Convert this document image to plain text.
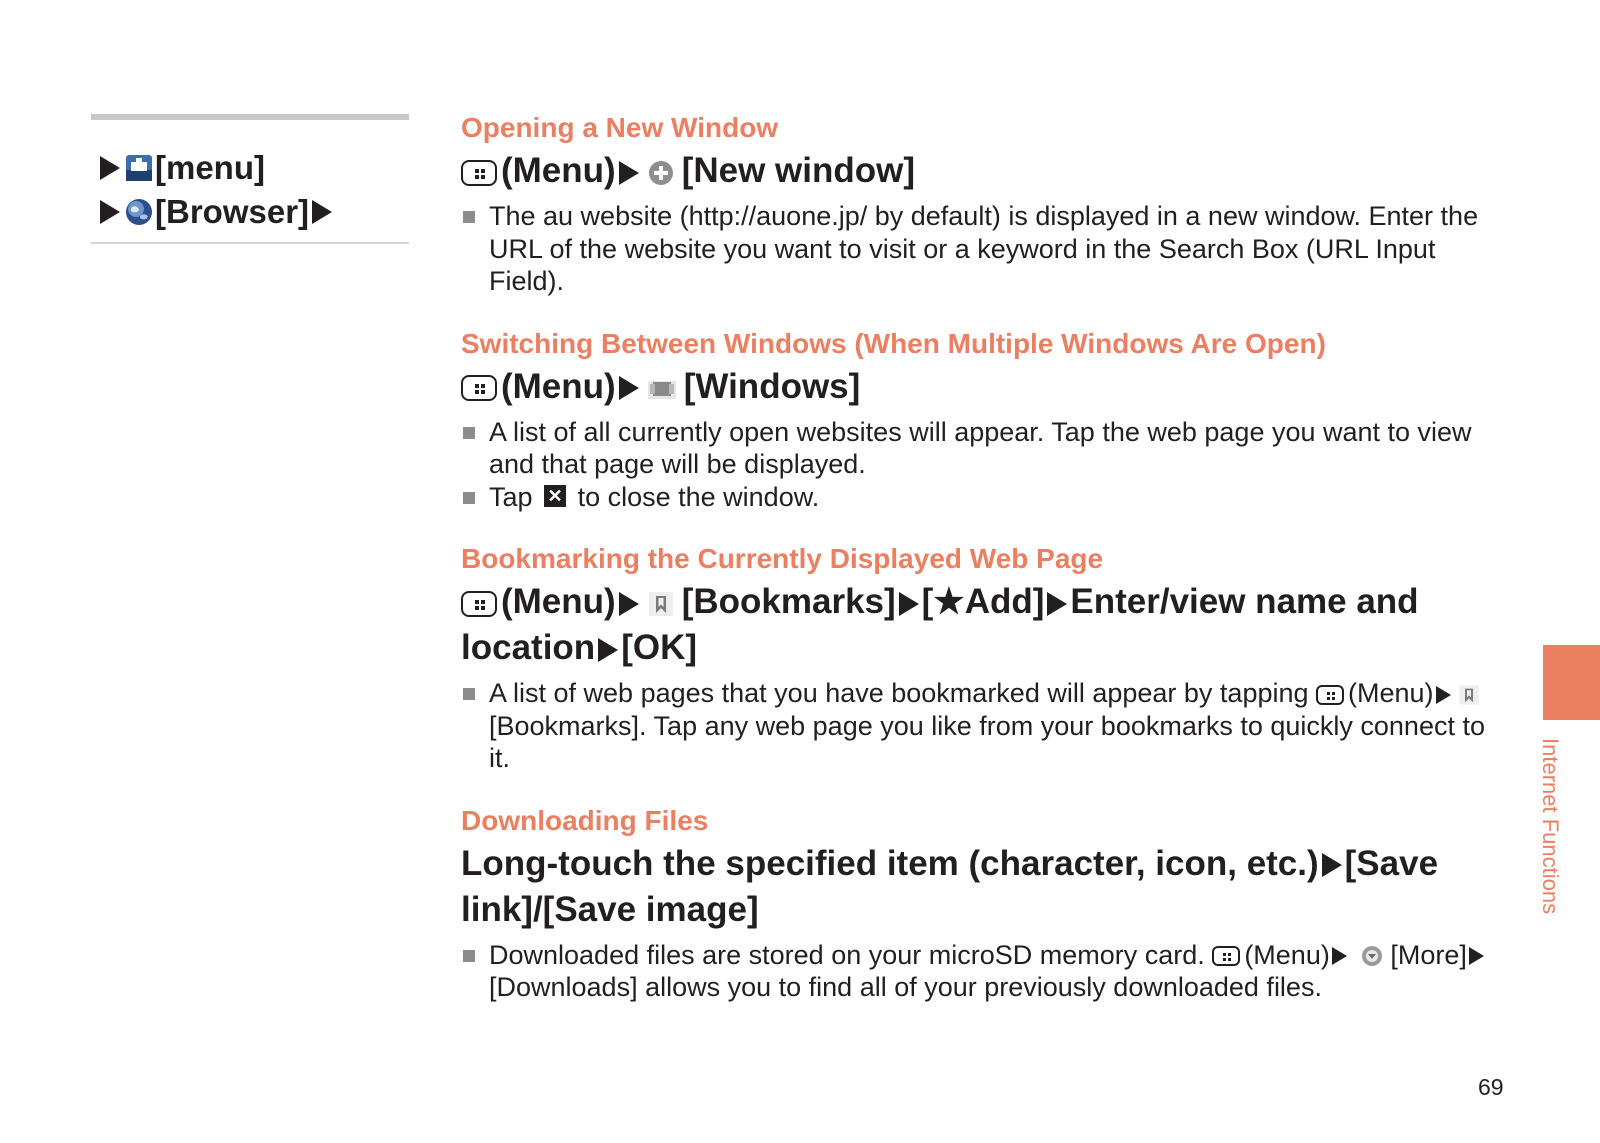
[menu]
[Browser]
Opening a New Window
(Menu) [New window]
The au website (http://auone.jp/ by default) is displayed in a new window. Enter the URL of the website you want to visit or a keyword in the Search Box (URL Input Field).
Switching Between Windows (When Multiple Windows Are Open)
(Menu) [Windows]
A list of all currently open websites will appear. Tap the web page you want to view and that page will be displayed.
Tap ✕ to close the window.
Bookmarking the Currently Displayed Web Page
(Menu) [Bookmarks] [★Add] Enter/view name and location [OK]
A list of web pages that you have bookmarked will appear by tapping (Menu)[Bookmarks]. Tap any web page you like from your bookmarks to quickly connect to it.
Downloading Files
Long-touch the specified item (character, icon, etc.) [Save link]/[Save image]
Downloaded files are stored on your microSD memory card. (Menu) [More][Downloads] allows you to find all of your previously downloaded files.
Internet Functions
69
